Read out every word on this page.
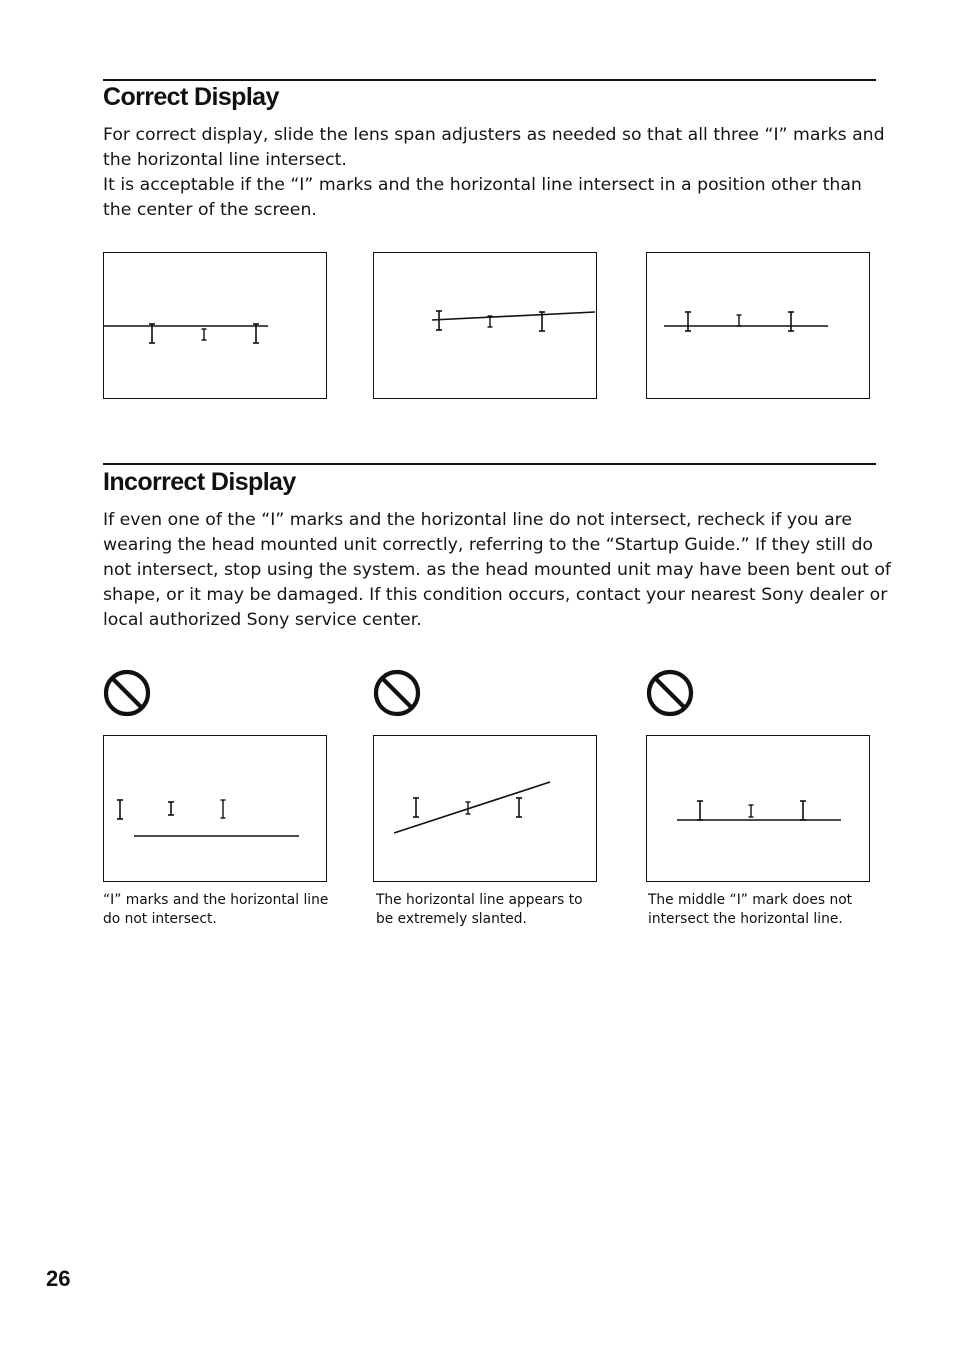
Correct Display

For correct display, slide the lens span adjusters as needed so that all three “I” marks and the horizontal line intersect.

It is acceptable if the “I” marks and the horizontal line intersect in a position other than the center of the screen.

Incorrect Display

If even one of the “I” marks and the horizontal line do not intersect, recheck if you are wearing the head mounted unit correctly, referring to the “Startup Guide.” If they still do not intersect, stop using the system. as the head mounted unit may have been bent out of shape, or it may be damaged. If this condition occurs, contact your nearest Sony dealer or local authorized Sony service center.

“I” marks and the horizontal line do not intersect.
The horizontal line appears to be extremely slanted.
The middle “I” mark does not intersect the horizontal line.
26
